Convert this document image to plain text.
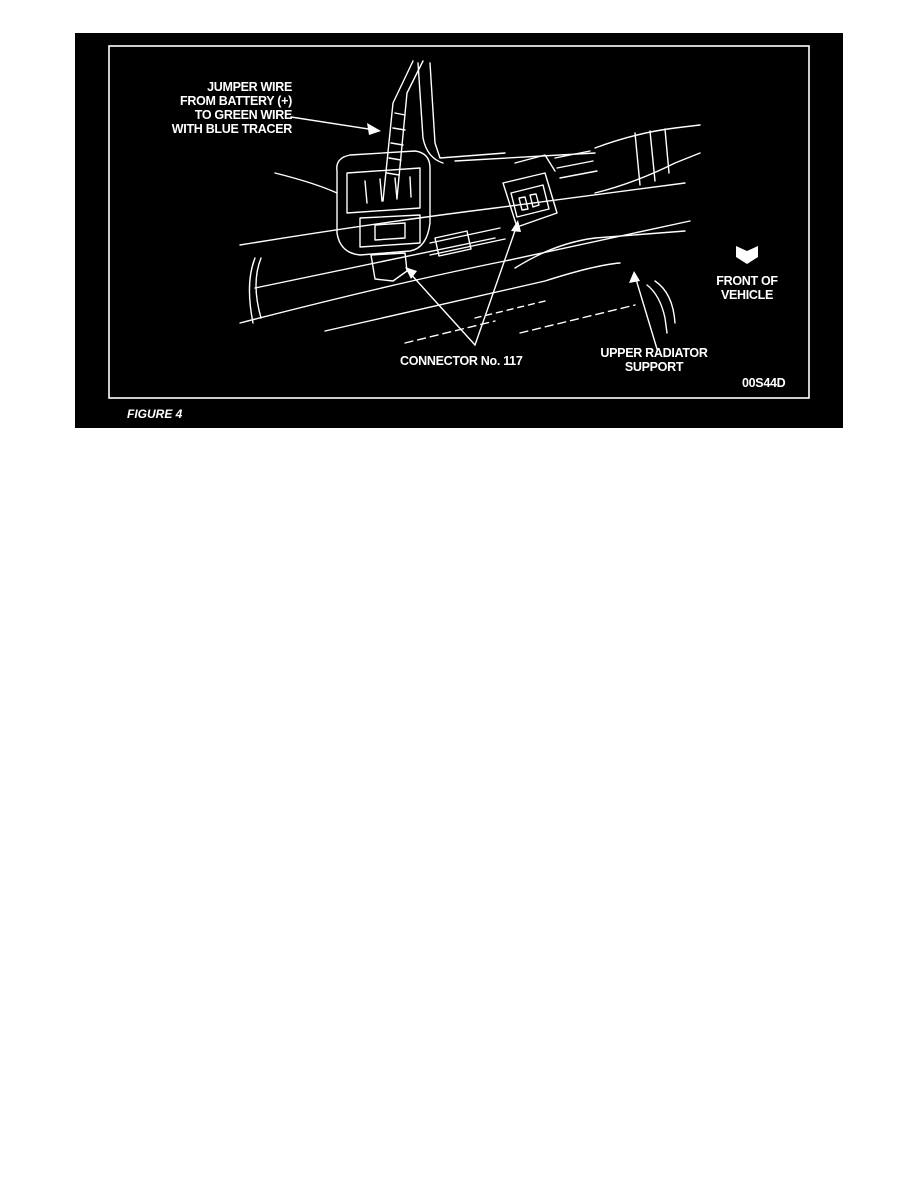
JUMPER WIRE
FROM BATTERY (+)
TO GREEN WIRE
WITH BLUE TRACER
FRONT OF
VEHICLE
CONNECTOR No. 117
UPPER RADIATOR
SUPPORT
00S44D
FIGURE 4
